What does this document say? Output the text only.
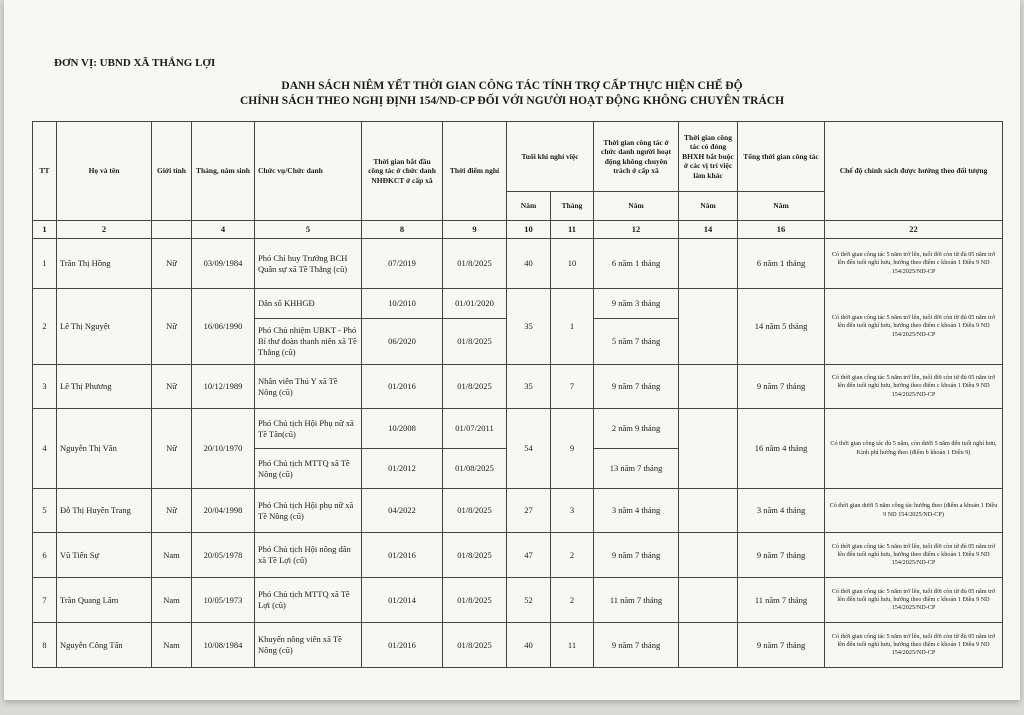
ĐƠN VỊ: UBND XÃ THẮNG LỢI
DANH SÁCH NIÊM YẾT THỜI GIAN CÔNG TÁC TÍNH TRỢ CẤP THỰC HIỆN CHẾ ĐỘ
CHÍNH SÁCH THEO NGHỊ ĐỊNH 154/ND-CP ĐỐI VỚI NGƯỜI HOẠT ĐỘNG KHÔNG CHUYÊN TRÁCH
TT	Họ và tên	Giới tính	Tháng, năm sinh	Chức vụ/Chức danh	Thời gian bắt đầu công tác ở chức danh NHĐKCT ở cấp xã	Thời điểm nghỉ	Tuổi khi nghỉ việc		Thời gian công tác ở chức danh người hoạt động không chuyên trách ở cấp xã	Thời gian công tác có đóng BHXH bắt buộc ở các vị trí việc làm khác	Tổng thời gian công tác	Chế độ chính sách được hưởng theo đối tượng
							Năm	Tháng	Năm	Năm	Năm	
1	2		4	5	8	9	10	11	12	14	16	22
1	Trần Thị Hồng	Nữ	03/09/1984	Phó Chỉ huy Trưởng BCH Quân sự xã Tề Thắng (cũ)	07/2019	01/8/2025	40	10	6 năm 1 tháng		6 năm 1 tháng	Có thời gian công tác 5 năm trở lên, tuổi đời còn từ đủ 05 năm trở lên đến tuổi nghỉ hưu, hưởng theo điểm c khoản 1 Điều 9 ND 154/2025/ND-CP
2	Lê Thị Nguyệt	Nữ	16/06/1990	Dân số KHHGĐ	10/2010	01/01/2020	35	1	9 năm 3 tháng		14 năm 5 tháng	Có thời gian công tác 5 năm trở lên, tuổi đời còn từ đủ 05 năm trở lên đến tuổi nghỉ hưu, hưởng theo điểm c khoản 1 Điều 9 ND 154/2025/ND-CP
				Phó Chủ nhiệm UBKT - Phó Bí thư đoàn thanh niên xã Tề Thắng (cũ)	06/2020	01/8/2025			5 năm 7 tháng			
3	Lê Thị Phương	Nữ	10/12/1989	Nhân viên Thú Y xã Tề Nông (cũ)	01/2016	01/8/2025	35	7	9 năm 7 tháng		9 năm 7 tháng	Có thời gian công tác 5 năm trở lên, tuổi đời còn từ đủ 05 năm trở lên đến tuổi nghỉ hưu, hưởng theo điểm c khoản 1 Điều 9 ND 154/2025/ND-CP
4	Nguyễn Thị Vân	Nữ	20/10/1970	Phó Chủ tịch Hội Phụ nữ xã Tề Tân(cũ)	10/2008	01/07/2011	54	9	2 năm 9 tháng		16 năm 4 tháng	Có thời gian công tác đủ 5 năm, còn dưới 5 năm đến tuổi nghỉ hưu, Kinh phí hưởng theo (điểm b khoản 1 Điều 9)
				Phó Chủ tịch MTTQ xã Tề Nông (cũ)	01/2012	01/08/2025			13 năm 7 tháng			
5	Đỗ Thị Huyền Trang	Nữ	20/04/1998	Phó Chủ tịch Hội phụ nữ xã Tề Nông (cũ)	04/2022	01/8/2025	27	3	3 năm 4 tháng		3 năm 4 tháng	Có thời gian dưới 5 năm công tác hưởng theo (điểm a khoản 1 Điều 9 ND 154/2025/ND-CP)
6	Vũ Tiến Sự	Nam	20/05/1978	Phó Chủ tịch Hội nông dân xã Tề Lợi (cũ)	01/2016	01/8/2025	47	2	9 năm 7 tháng		9 năm 7 tháng	Có thời gian công tác 5 năm trở lên, tuổi đời còn từ đủ 05 năm trở lên đến tuổi nghỉ hưu, hưởng theo điểm c khoản 1 Điều 9 ND 154/2025/ND-CP
7	Trần Quang Lâm	Nam	10/05/1973	Phó Chủ tịch MTTQ xã Tề Lợi (cũ)	01/2014	01/8/2025	52	2	11 năm 7 tháng		11 năm 7 tháng	Có thời gian công tác 5 năm trở lên, tuổi đời còn từ đủ 05 năm trở lên đến tuổi nghỉ hưu, hưởng theo điểm c khoản 1 Điều 9 ND 154/2025/ND-CP
8	Nguyễn Công Tấn	Nam	10/08/1984	Khuyến nông viên xã Tề Nông (cũ)	01/2016	01/8/2025	40	11	9 năm 7 tháng		9 năm 7 tháng	Có thời gian công tác 5 năm trở lên, tuổi đời còn từ đủ 05 năm trở lên đến tuổi nghỉ hưu, hưởng theo điểm c khoản 1 Điều 9 ND 154/2025/ND-CP
